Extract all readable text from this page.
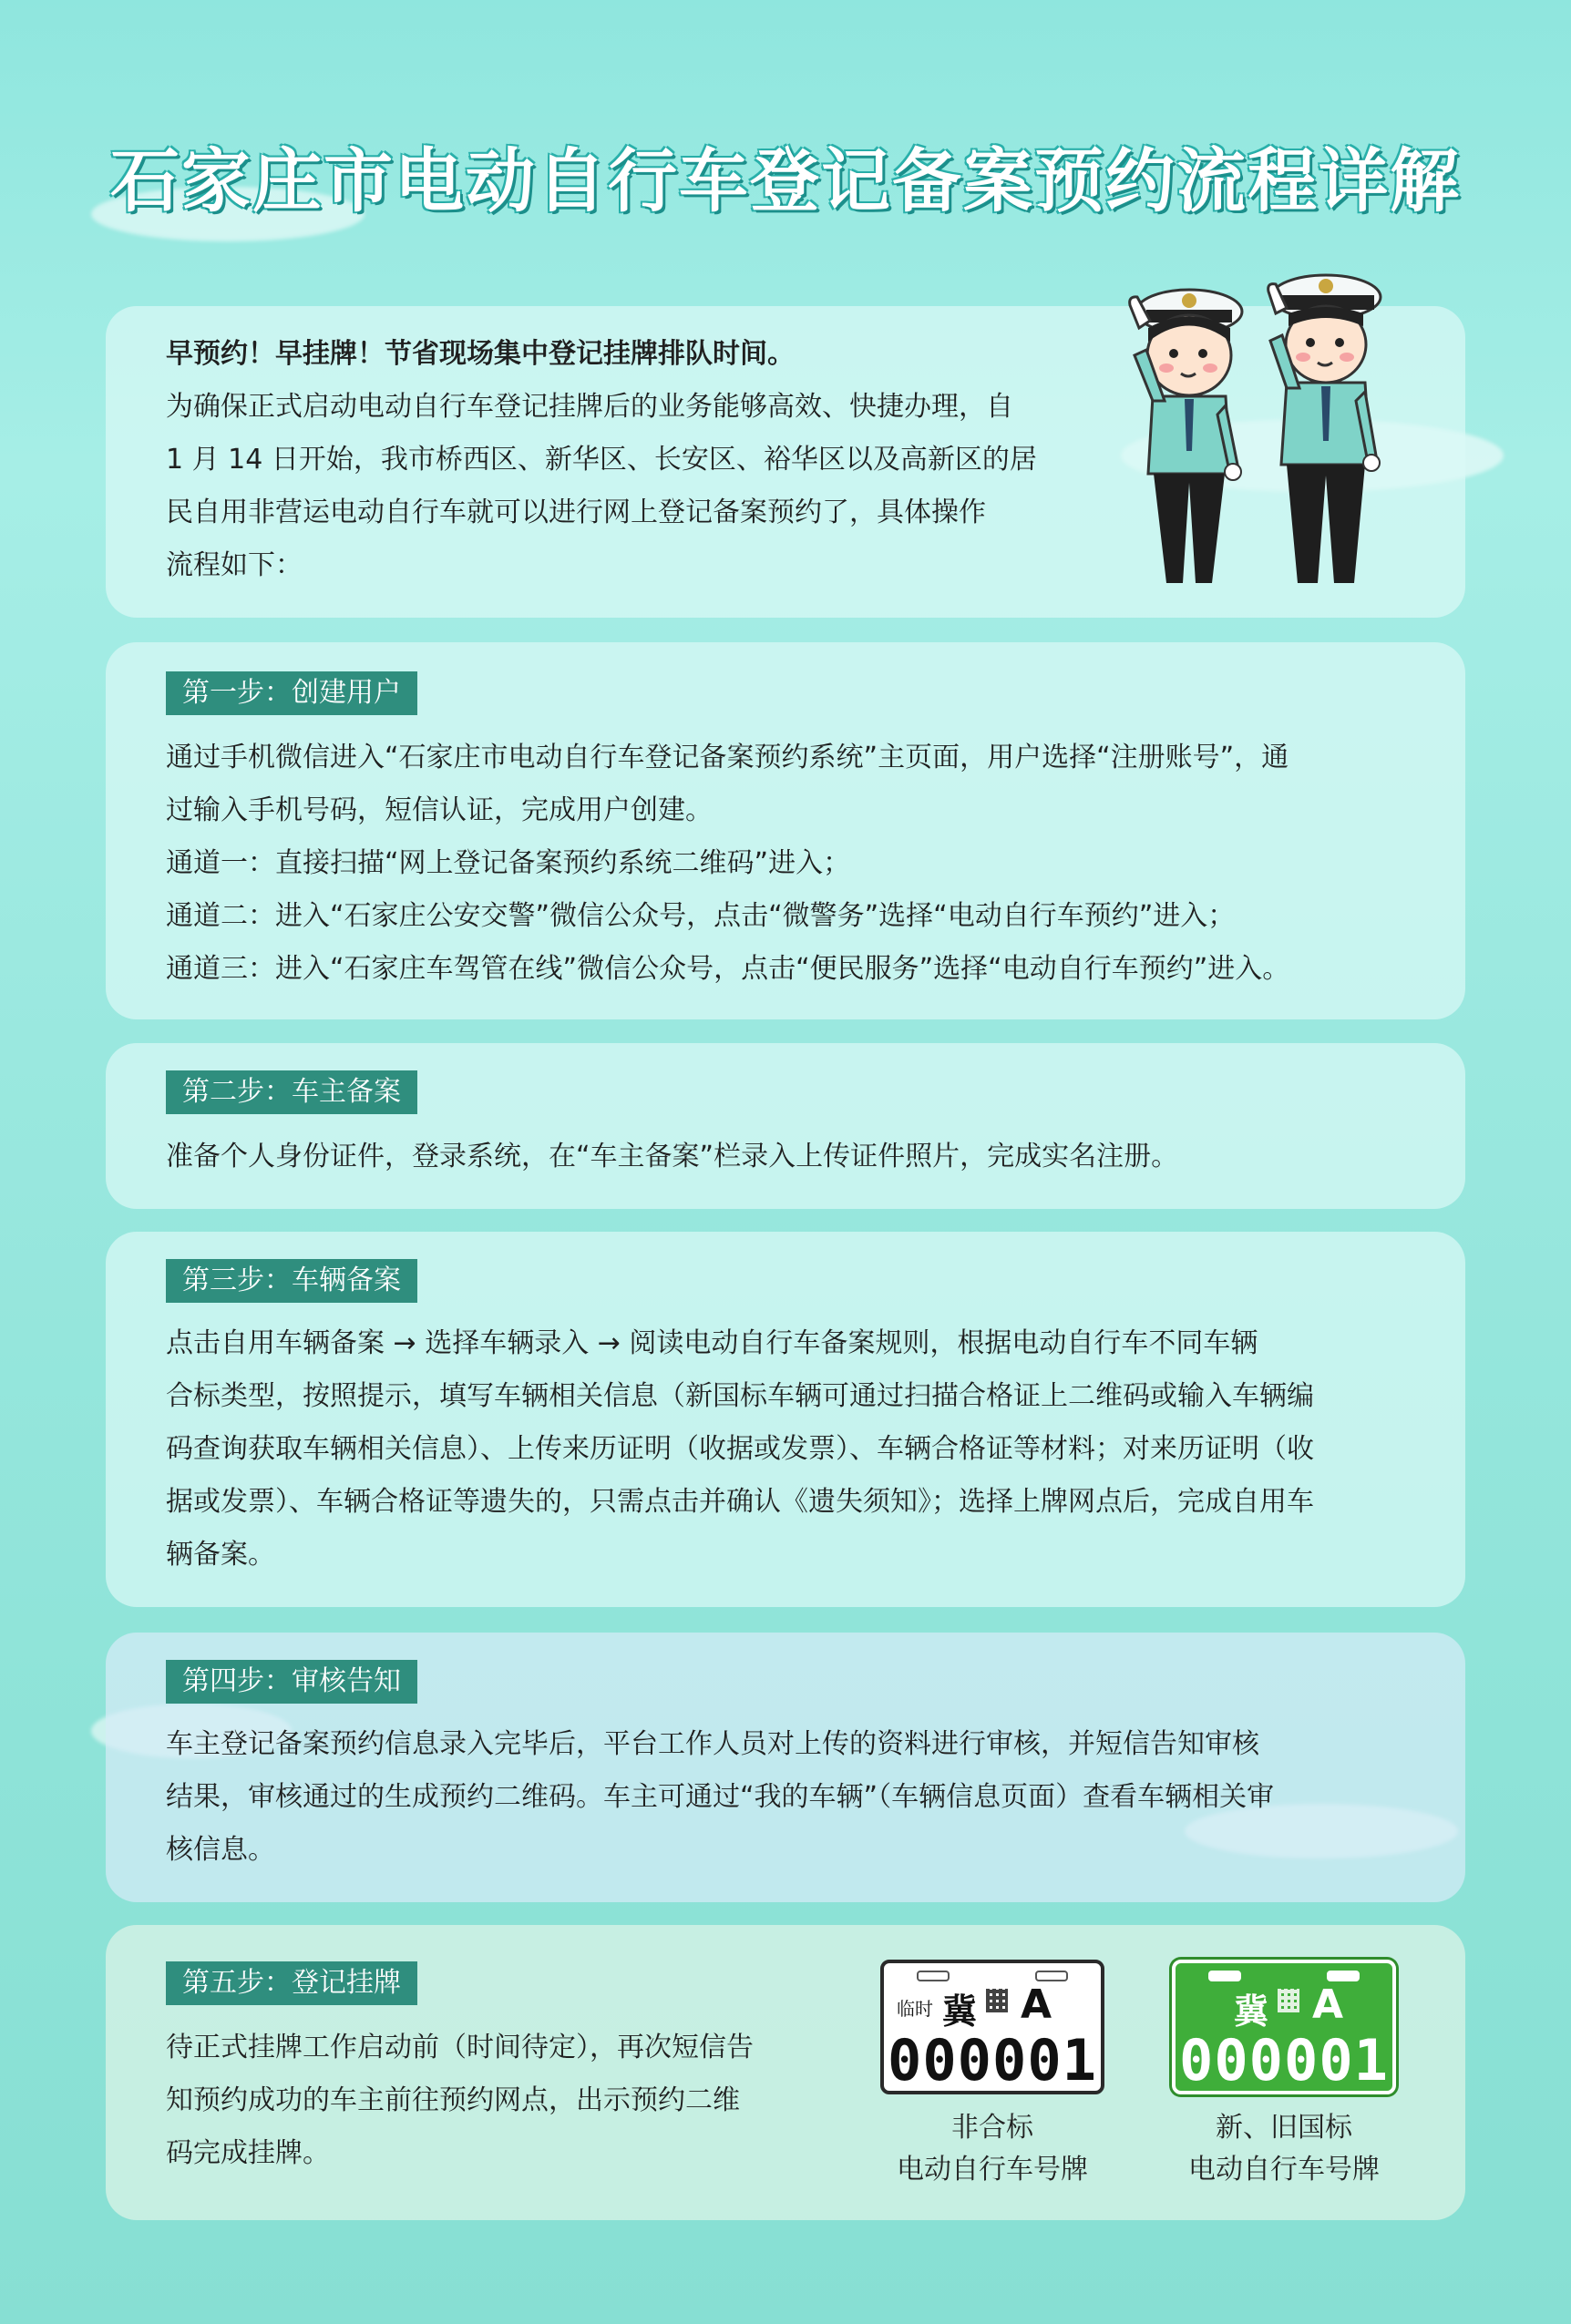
石家庄市电动自行车登记备案预约流程详解

早预约！早挂牌！节省现场集中登记挂牌排队时间。

为确保正式启动电动自行车登记挂牌后的业务能够高效、快捷办理，自

1 月 14 日开始，我市桥西区、新华区、长安区、裕华区以及高新区的居

民自用非营运电动自行车就可以进行网上登记备案预约了，具体操作

流程如下：

第一步：创建用户

通过手机微信进入“石家庄市电动自行车登记备案预约系统”主页面，用户选择“注册账号”，通

过输入手机号码，短信认证，完成用户创建。

通道一：直接扫描“网上登记备案预约系统二维码”进入；

通道二：进入“石家庄公安交警”微信公众号，点击“微警务”选择“电动自行车预约”进入；

通道三：进入“石家庄车驾管在线”微信公众号，点击“便民服务”选择“电动自行车预约”进入。

第二步：车主备案

准备个人身份证件，登录系统，在“车主备案”栏录入上传证件照片，完成实名注册。

第三步：车辆备案

点击自用车辆备案 → 选择车辆录入 → 阅读电动自行车备案规则，根据电动自行车不同车辆

合标类型，按照提示，填写车辆相关信息（新国标车辆可通过扫描合格证上二维码或输入车辆编

码查询获取车辆相关信息）、上传来历证明（收据或发票）、车辆合格证等材料；对来历证明（收

据或发票）、车辆合格证等遗失的，只需点击并确认《遗失须知》；选择上牌网点后，完成自用车

辆备案。

第四步：审核告知

车主登记备案预约信息录入完毕后，平台工作人员对上传的资料进行审核，并短信告知审核

结果，审核通过的生成预约二维码。车主可通过“我的车辆”（车辆信息页面）查看车辆相关审

核信息。

第五步：登记挂牌

待正式挂牌工作启动前（时间待定），再次短信告

知预约成功的车主前往预约网点，出示预约二维

码完成挂牌。

临时 冀 A
000001
非合标
电动自行车号牌
冀 A
000001
新、旧国标
电动自行车号牌
